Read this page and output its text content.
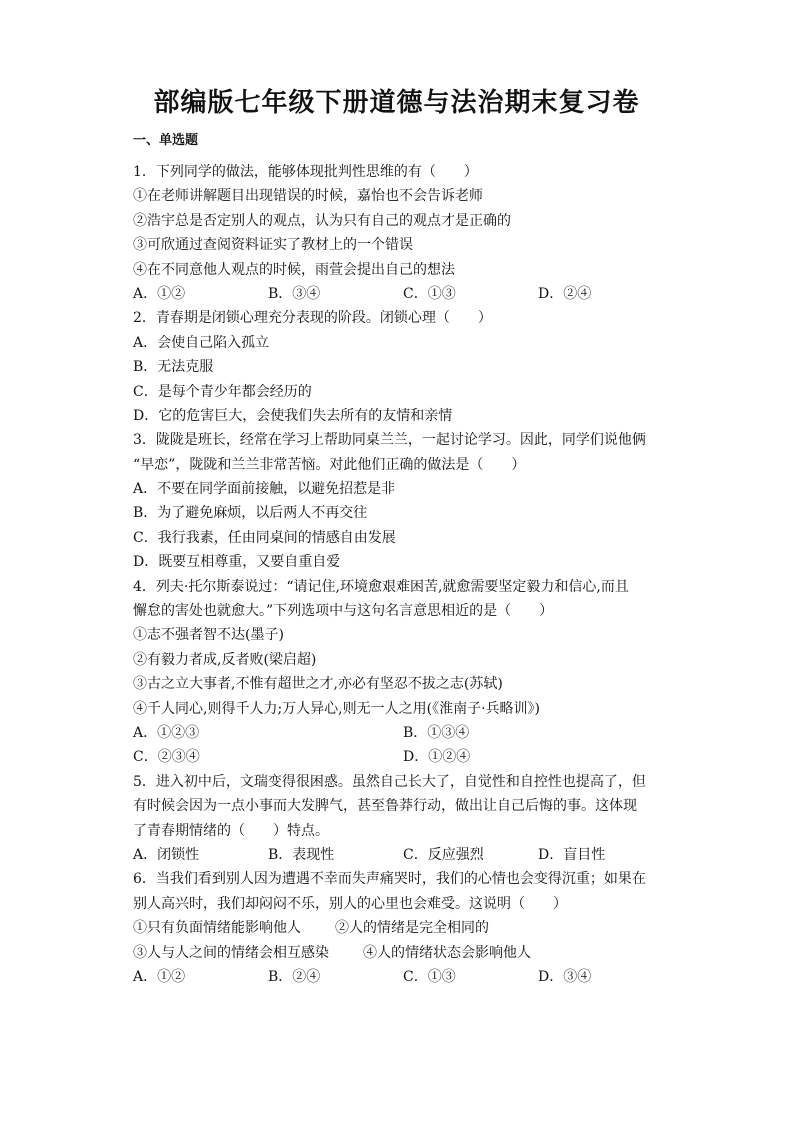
部编版七年级下册道德与法治期末复习卷
一、单选题
1．下列同学的做法，能够体现批判性思维的有（　　）
①在老师讲解题目出现错误的时候，嘉怡也不会告诉老师
②浩宇总是否定别人的观点，认为只有自己的观点才是正确的
③可欣通过查阅资料证实了教材上的一个错误
④在不同意他人观点的时候，雨萱会提出自己的想法
A．①②	B．③④	C．①③	D．②④
2．青春期是闭锁心理充分表现的阶段。闭锁心理（　　）
A．会使自己陷入孤立
B．无法克服
C．是每个青少年都会经历的
D．它的危害巨大，会使我们失去所有的友情和亲情
3．陇陇是班长，经常在学习上帮助同桌兰兰，一起讨论学习。因此，同学们说他俩
“早恋”，陇陇和兰兰非常苦恼。对此他们正确的做法是（　　）
A．不要在同学面前接触，以避免招惹是非
B．为了避免麻烦，以后两人不再交往
C．我行我素，任由同桌间的情感自由发展
D．既要互相尊重，又要自重自爱
4．列夫·托尔斯泰说过：“请记住,环境愈艰难困苦,就愈需要坚定毅力和信心,而且
懈怠的害处也就愈大。”下列选项中与这句名言意思相近的是（　　）
①志不强者智不达(墨子)
②有毅力者成,反者败(梁启超)
③古之立大事者,不惟有超世之才,亦必有坚忍不拔之志(苏轼)
④千人同心,则得千人力;万人异心,则无一人之用(《淮南子·兵略训》)
A．①②③	B．①③④
C．②③④	D．①②④
5．进入初中后，文瑞变得很困惑。虽然自己长大了，自觉性和自控性也提高了，但
有时候会因为一点小事而大发脾气，甚至鲁莽行动，做出让自己后悔的事。这体现
了青春期情绪的（　　）特点。
A．闭锁性	B．表现性	C．反应强烈	D．盲目性
6．当我们看到别人因为遭遇不幸而失声痛哭时，我们的心情也会变得沉重；如果在
别人高兴时，我们却闷闷不乐，别人的心里也会难受。这说明（　　）
①只有负面情绪能影响他人 ②人的情绪是完全相同的
③人与人之间的情绪会相互感染 ④人的情绪状态会影响他人
A．①②	B．②④	C．①③	D．③④
